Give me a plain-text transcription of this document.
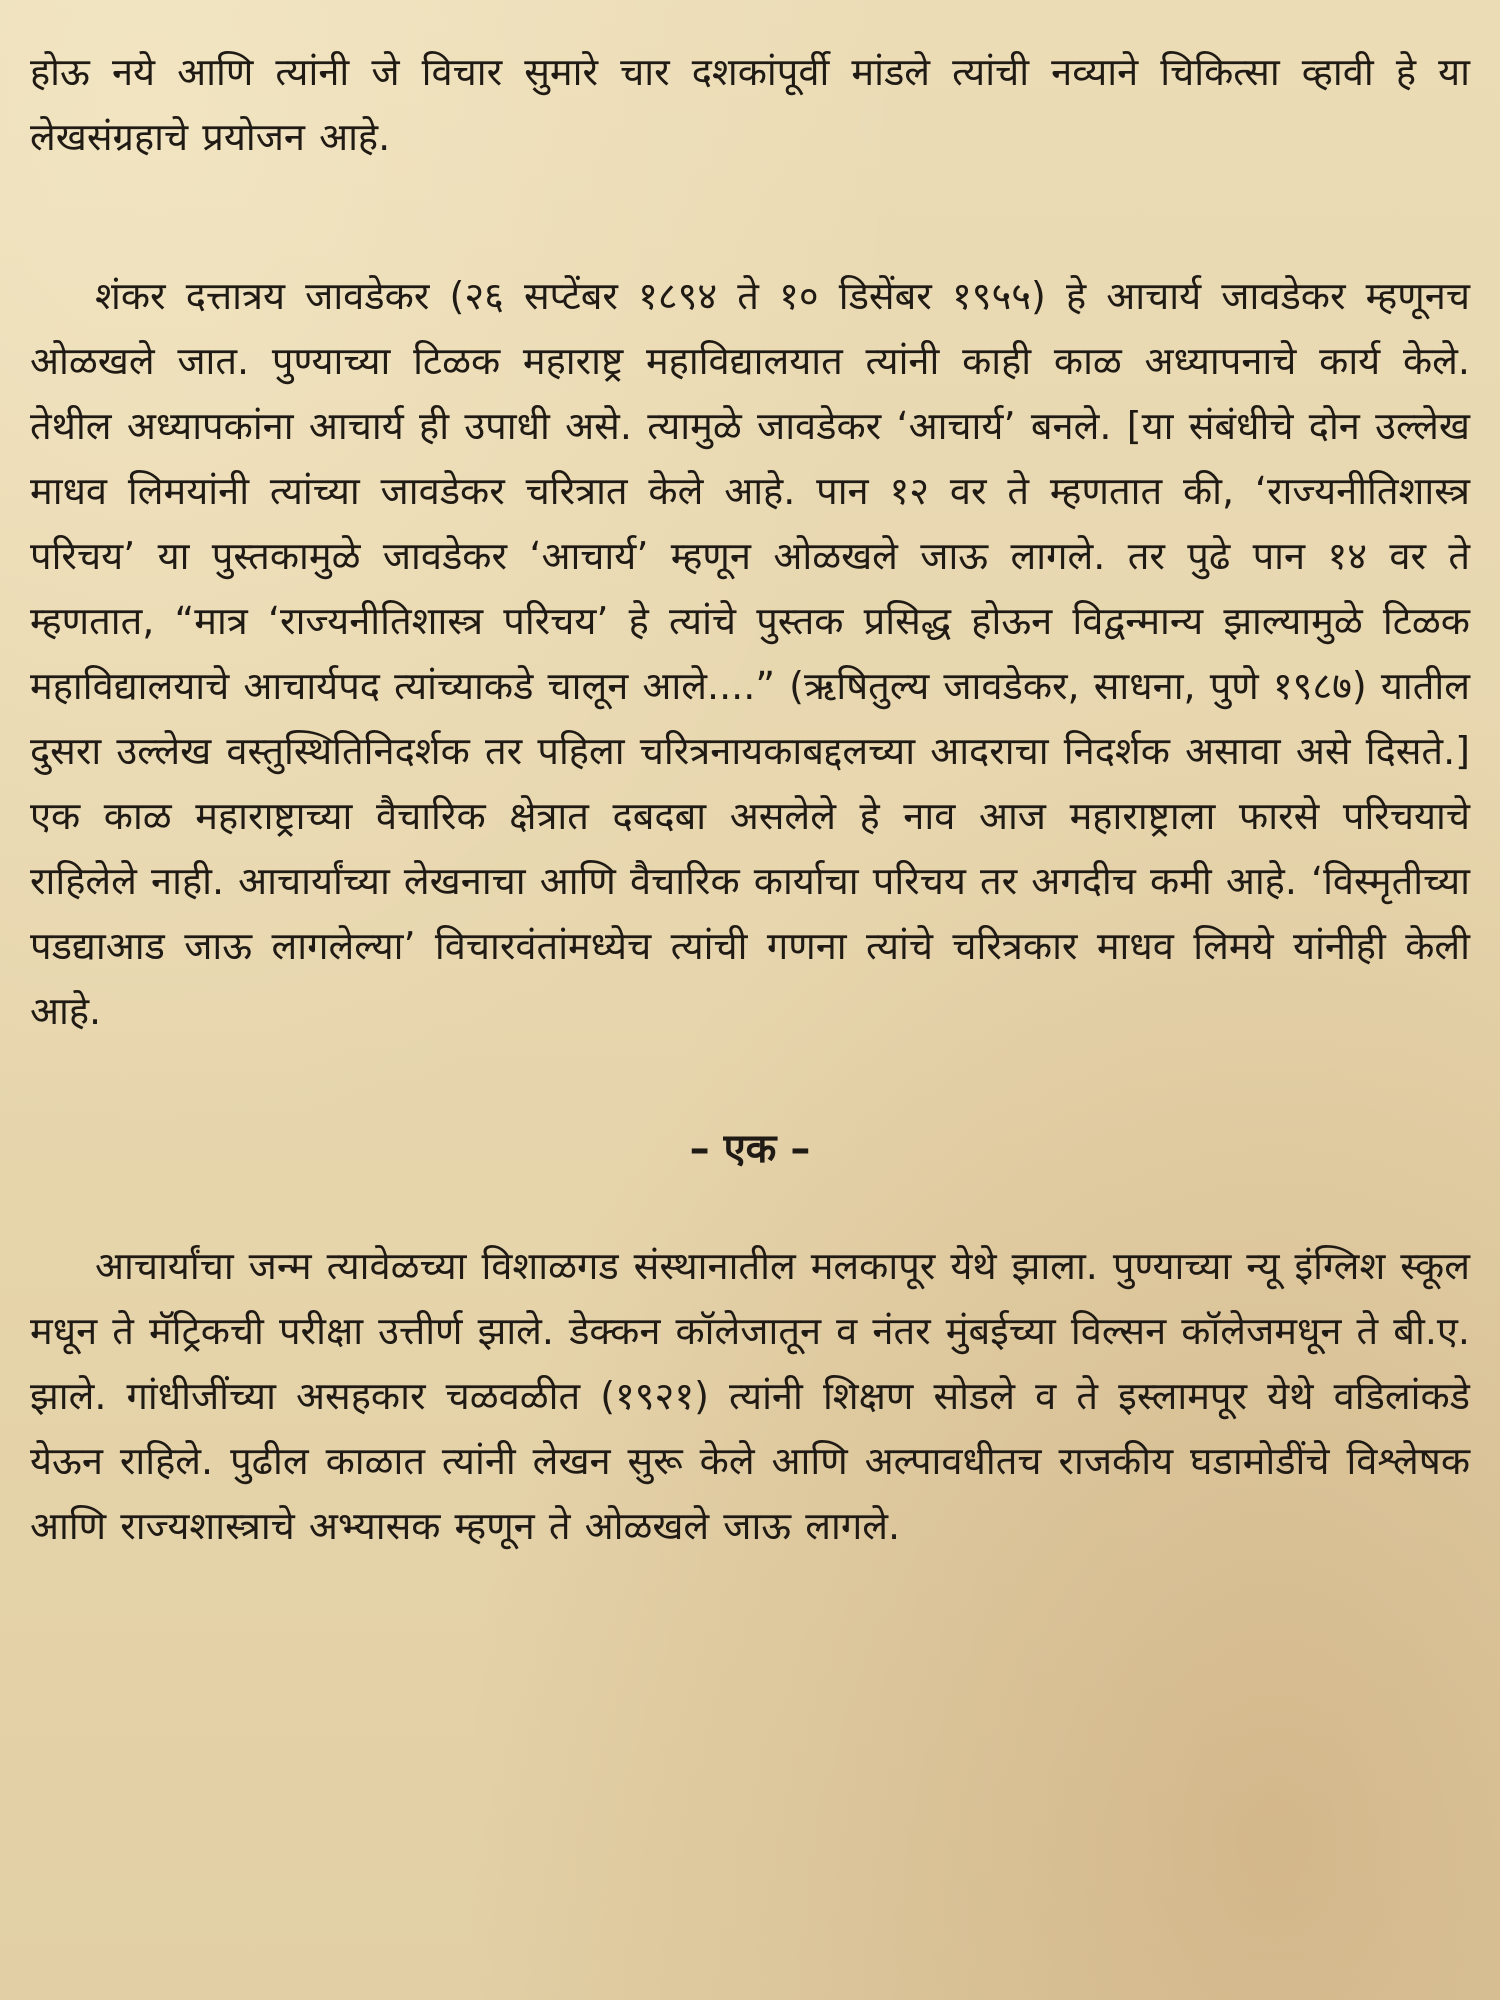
होऊ नये आणि त्यांनी जे विचार सुमारे चार दशकांपूर्वी मांडले त्यांची नव्याने चिकित्सा व्हावी हे या लेखसंग्रहाचे प्रयोजन आहे.

शंकर दत्तात्रय जावडेकर (२६ सप्टेंबर १८९४ ते १० डिसेंबर १९५५) हे आचार्य जावडेकर म्हणूनच ओळखले जात. पुण्याच्या टिळक महाराष्ट्र महाविद्यालयात त्यांनी काही काळ अध्यापनाचे कार्य केले. तेथील अध्यापकांना आचार्य ही उपाधी असे. त्यामुळे जावडेकर ‘आचार्य’ बनले. [या संबंधीचे दोन उल्लेख माधव लिमयांनी त्यांच्या जावडेकर चरित्रात केले आहे. पान १२ वर ते म्हणतात की, ‘राज्यनीतिशास्त्र परिचय’ या पुस्तकामुळे जावडेकर ‘आचार्य’ म्हणून ओळखले जाऊ लागले. तर पुढे पान १४ वर ते म्हणतात, “मात्र ‘राज्यनीतिशास्त्र परिचय’ हे त्यांचे पुस्तक प्रसिद्ध होऊन विद्वन्मान्य झाल्यामुळे टिळक महाविद्यालयाचे आचार्यपद त्यांच्याकडे चालून आले....” (ऋषितुल्य जावडेकर, साधना, पुणे १९८७) यातील दुसरा उल्लेख वस्तुस्थितिनिदर्शक तर पहिला चरित्रनायकाबद्दलच्या आदराचा निदर्शक असावा असे दिसते.] एक काळ महाराष्ट्राच्या वैचारिक क्षेत्रात दबदबा असलेले हे नाव आज महाराष्ट्राला फारसे परिचयाचे राहिलेले नाही. आचार्यांच्या लेखनाचा आणि वैचारिक कार्याचा परिचय तर अगदीच कमी आहे. ‘विस्मृतीच्या पडद्याआड जाऊ लागलेल्या’ विचारवंतांमध्येच त्यांची गणना त्यांचे चरित्रकार माधव लिमये यांनीही केली आहे.

– एक –

आचार्यांचा जन्म त्यावेळच्या विशाळगड संस्थानातील मलकापूर येथे झाला. पुण्याच्या न्यू इंग्लिश स्कूल मधून ते मॅट्रिकची परीक्षा उत्तीर्ण झाले. डेक्कन कॉलेजातून व नंतर मुंबईच्या विल्सन कॉलेजमधून ते बी.ए. झाले. गांधीजींच्या असहकार चळवळीत (१९२१) त्यांनी शिक्षण सोडले व ते इस्लामपूर येथे वडिलांकडे येऊन राहिले. पुढील काळात त्यांनी लेखन सुरू केले आणि अल्पावधीतच राजकीय घडामोडींचे विश्लेषक आणि राज्यशास्त्राचे अभ्यासक म्हणून ते ओळखले जाऊ लागले.
